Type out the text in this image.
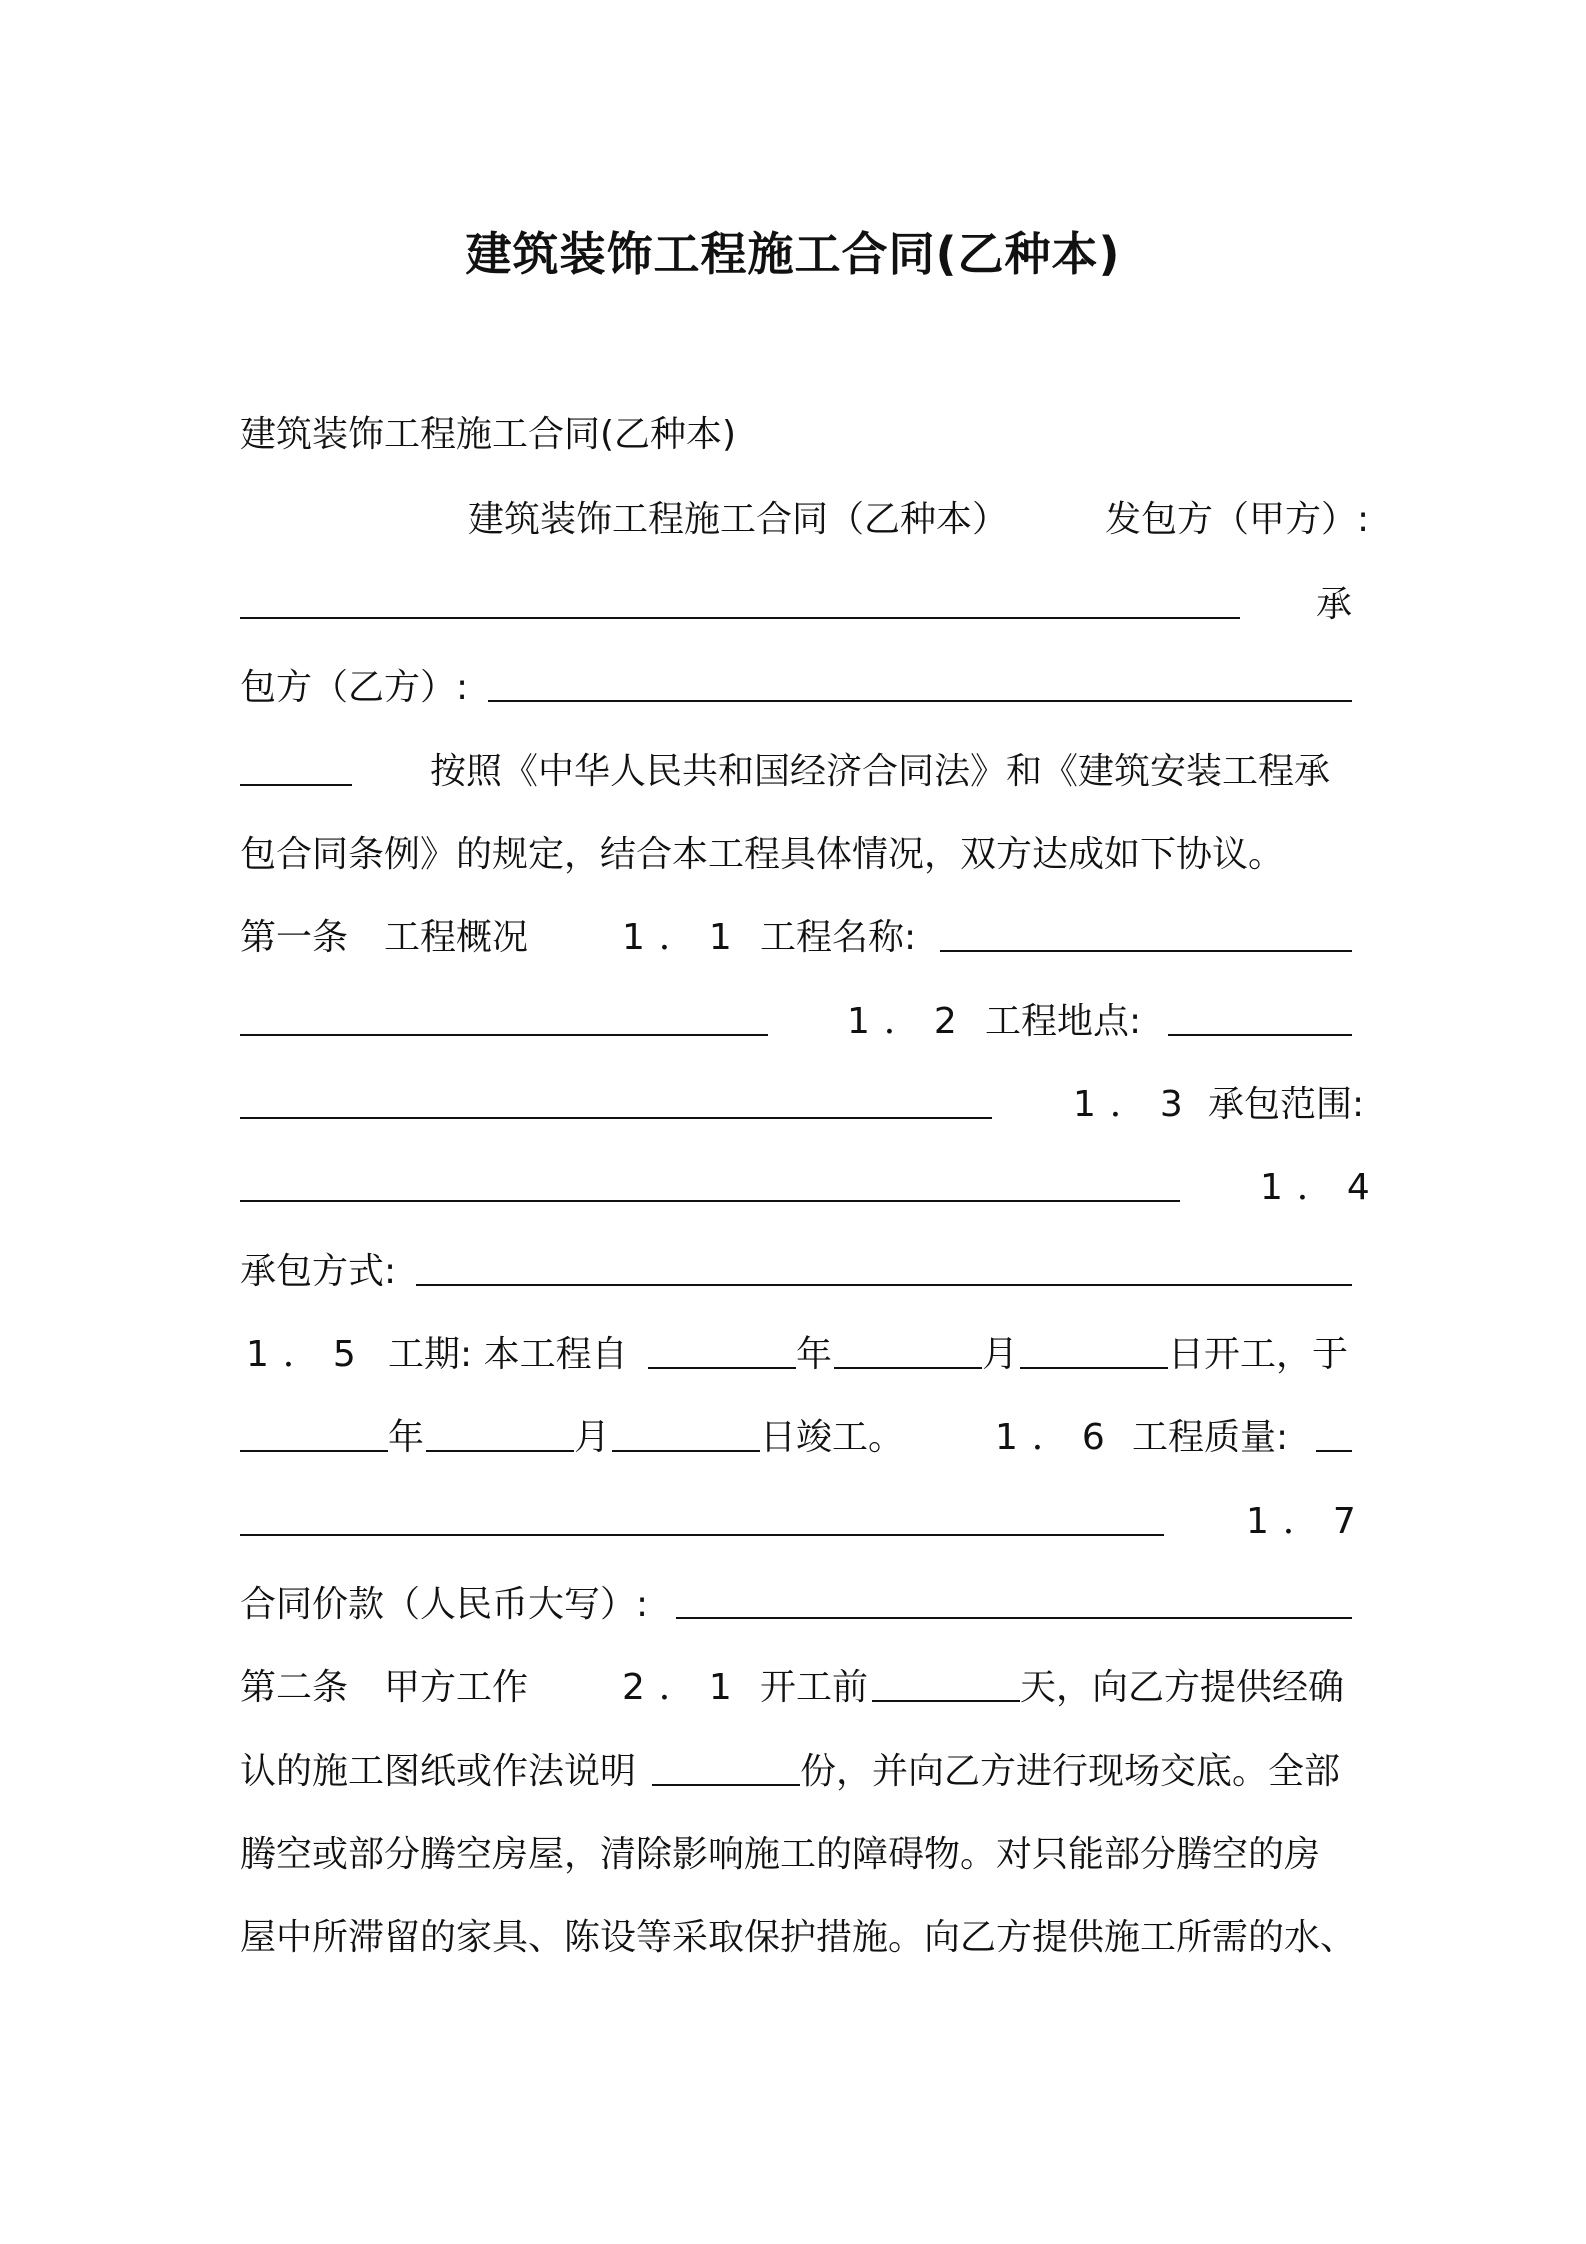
建筑装饰工程施工合同(乙种本)
建筑装饰工程施工合同(乙种本)
建筑装饰工程施工合同（乙种本）	发包方（甲方）:
承
包方（乙方）:
按照《中华人民共和国经济合同法》和《建筑安装工程承
包合同条例》的规定，结合本工程具体情况，双方达成如下协议。
第一条　工程概况	1．1 工程名称:
1．2 工程地点:
1．3 承包范围:
1．4
承包方式:
1．5 工期: 本工程自	年	月	日开工，于
年	月	日竣工。	1．6 工程质量:
1．7
合同价款（人民币大写）:
第二条　甲方工作	2．1 开工前	天，向乙方提供经确
认的施工图纸或作法说明	份，并向乙方进行现场交底。全部
腾空或部分腾空房屋，清除影响施工的障碍物。对只能部分腾空的房
屋中所滞留的家具、陈设等采取保护措施。向乙方提供施工所需的水、
